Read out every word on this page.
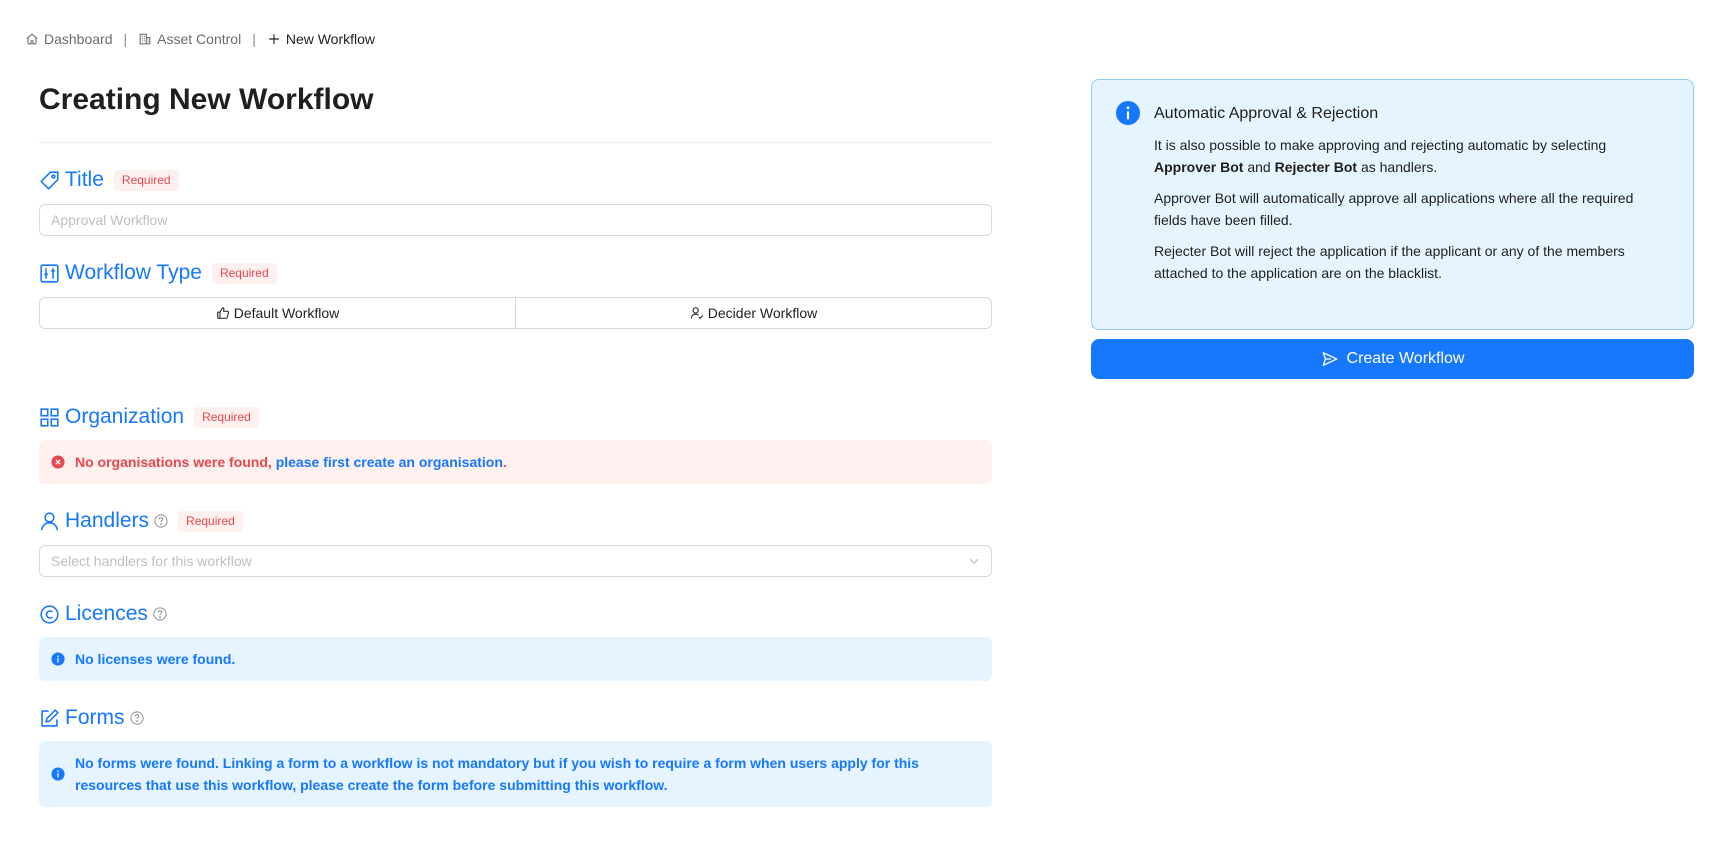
Dashboard | Asset Control | New Workflow
Creating New Workflow
Title	Required
Approval Workflow
Workflow Type	Required
Default Workflow	Decider Workflow
Organization	Required
No organisations were found, please first create an organisation.
Handlers	Required
Select handlers for this workflow
Licences
No licenses were found.
Forms
No forms were found. Linking a form to a workflow is not mandatory but if you wish to require a form when users apply for this resources that use this workflow, please create the form before submitting this workflow.
Automatic Approval & Rejection

It is also possible to make approving and rejecting automatic by selecting Approver Bot and Rejecter Bot as handlers.

Approver Bot will automatically approve all applications where all the required fields have been filled.

Rejecter Bot will reject the application if the applicant or any of the members attached to the application are on the blacklist.

Create Workflow
